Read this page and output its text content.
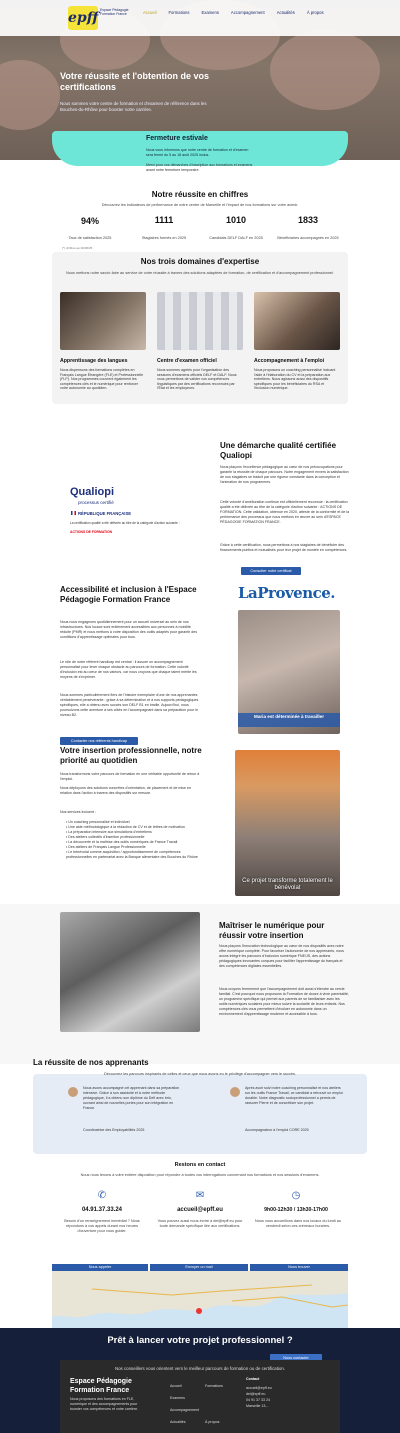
Votre réussite et l'obtention de vos certifications
Nous sommes votre centre de formation et d'examen de référence dans les Bouches-du-Rhône pour booster votre carrière.
epff Espace Pédagogie Formation France	Accueil	Formations	Examens	Accompagnement	Actualités	À propos
Fermeture estivale
Nous vous informons que notre centre de formation et d'examen sera fermé du 5 au 18 août 2025 inclus.
Merci pour vos démarches d'inscription aux formations et examens avant notre fermeture temporaire.
Notre réussite en chiffres
Découvrez les indicateurs de performance de notre centre de Marseille et l'impact de nos formations sur votre avenir.
94%	1111	1010	1833
Taux de satisfaction 2025	Stagiaires formés en 2025	Candidats DELF DALF en 2025	Bénéficiaires accompagnés en 2025
(*) chiffres au 30/06/25
Nos trois domaines d'expertise
Nous mettons notre savoir-faire au service de votre réussite à travers des solutions adaptées de formation, de certification et d'accompagnement professionnel.
Apprentissage des langues	Centre d'examen officiel	Accompagnement à l'emploi
Nous dispensons des formations complètes en Français Langue Étrangère (FLE) et Professionnelle (FLP). Nos programmes couvrent également les compétences clés et le numérique pour renforcer votre autonomie au quotidien.
Nous sommes agréés pour l'organisation des sessions d'examens officiels DELF et DALF. Nous vous permettons de valider vos compétences linguistiques par des certifications reconnues par l'État et les employeurs.
Nous proposons un coaching personnalisé incluant l'aide à l'élaboration du CV et la préparation aux entretiens. Nous agissons aussi des dispositifs spécifiques pour les bénéficiaires du RSA et l'inclusion numérique.
Qualiopi
processus certifié
RÉPUBLIQUE FRANÇAISE
La certification qualité a été délivrée au titre de la catégorie d'action suivante :
ACTIONS DE FORMATION
Une démarche qualité certifiée Qualiopi
Nous plaçons l'excellence pédagogique au cœur de nos préoccupations pour garantir la réussite de chaque parcours. Notre engagement envers la satisfaction de nos stagiaires se traduit par une rigueur constante dans la conception et l'animation de nos programmes.
Cette volonté d'amélioration continue est officiellement reconnue : la certification qualité a été délivrée au titre de la catégorie d'action suivante : ACTIONS DE FORMATION. Cette validation, obtenue en 2020, atteste de la conformité et de la performance des processus que nous mettons en œuvre au sein d'ESPACE PÉDAGOGIE FORMATION FRANCE.
Grâce à cette certification, nous permettons à nos stagiaires de bénéficier des financements publics et mutualisés pour leur projet de montée en compétences.
Consulter notre certificat
Accessibilité et inclusion à l'Espace Pédagogie Formation France
Nous nous engageons quotidiennement pour un accueil universel au sein de nos infrastructures. Nos locaux sont entièrement accessibles aux personnes à mobilité réduite (PMR) et nous mettons à votre disposition des outils adaptés pour garantir des conditions d'apprentissage optimales pour tous.
Le rôle de notre référent handicap est central : il assure un accompagnement personnalisé pour lever chaque obstacle au parcours de formation. Cette volonté d'inclusion est au cœur de nos valeurs, car nous croyons que chaque talent mérite les moyens de s'exprimer.
Nous sommes particulièrement fiers de l'histoire exemplaire d'une de nos apprenantes véritablement persévérante : grâce à sa détermination et à nos supports pédagogiques spécifiques, elle a obtenu avec succès son DELF B1 en braille. Aujourd'hui, nous poursuivons cette aventure à ses côtés en l'accompagnant dans sa préparation pour le niveau B2.
Contacter nos référents handicap
LaProvence.
Maria est déterminée à travailler
Votre insertion professionnelle, notre priorité au quotidien
Nous transformons votre parcours de formation en une véritable opportunité de retour à l'emploi.
Nous déployons des solutions concrètes d'orientation, de placement et de mise en relation dans l'action à travers des dispositifs sur mesure.
Nos services incluent :
• Un coaching personnalisé et individuel
• Une aide méthodologique à la rédaction de CV et de lettres de motivation
• La préparation intensive aux simulations d'entretiens
• Des ateliers collectifs d'insertion professionnelle
• La découverte et la maîtrise des outils numériques de France Travail
• Des ateliers de Français Langue Professionnelle
• Le bénévolat comme acquisition / approfondissement de compétences professionnelles en partenariat avec la Banque alimentaire des Bouches du Rhône
Ce projet transforme totalement le bénévolat
Maîtriser le numérique pour réussir votre insertion
Nous plaçons l'innovation technologique au cœur de nos dispositifs avec notre offre numérique complète. Pour favoriser l'autonomie de nos apprenants, nous avons intégré les parcours d'inclusion numérique FNE/JS, des actions pédagogiques innovantes conçues pour faciliter l'apprentissage du français et des compétences digitales essentielles.
Nous croyons fermement que l'accompagnement doit aussi s'étendre au cercle familial. C'est pourquoi nous proposons la Formation de douze à vivre parentalité, un programme spécifique qui permet aux parents de se familiariser avec les outils numériques scolaires pour mieux suivre la scolarité de leurs enfants. Nos compétences clés vous permettent d'évoluer en autonomie dans un environnement d'apprentissage moderne et accessible à tous.
La réussite de nos apprenants
Découvrez les parcours inspirants de celles et ceux que nous avons eu le privilège d'accompagner vers le succès.
Nous avons accompagné cet apprenant dans sa préparation intensive. Grâce à son assiduité et à notre méthode pédagogique, il a obtenu son diplôme du Delf avec brio, ouvrant ainsi de nouvelles portes pour son intégration en France.
Coordinatrice des Employabilités 2025
Après avoir suivi notre coaching personnalisé et nos ateliers sur les outils France Travail, ce candidat a retrouvé un emploi durable. Notre diagnostic socioprofessionnel a permis de rassurer Pierre et de concrétiser son projet.
Accompagnateur à l'emploi CORE 2025
Restons en contact
Nous nous tenons à votre entière disposition pour répondre à toutes vos interrogations concernant nos formations et nos sessions d'examens.
✆	✉	◷
04.91.37.33.24	accueil@epff.eu	9h00-12h30 / 13h30-17h00
Besoin d'un renseignement immédiat ? Nous répondons à vos appels durant nos heures d'ouverture pour vous guider.
Vous pouvez aussi nous écrire à dei@epff.eu pour toute demande spécifique liée aux certifications.
Nous vous accueillons dans nos locaux du lundi au vendredi selon ces créneaux horaires.
Nous appeler	Envoyer un mail	Nous trouver
Prêt à lancer votre projet professionnel ?
Nous contacter
Nos conseillers vous orientent vers le meilleur parcours de formation ou de certification.
Espace Pédagogie Formation France
Nous proposons des formations en FLE, numérique et des accompagnements pour booster vos compétences et votre carrière.
Accueil	Formations
Examens
Accompagnement
Actualités	À propos
Contact
accueil@epff.eu
dei@epff.eu
04 91 37 33 24
Marseille 13...
